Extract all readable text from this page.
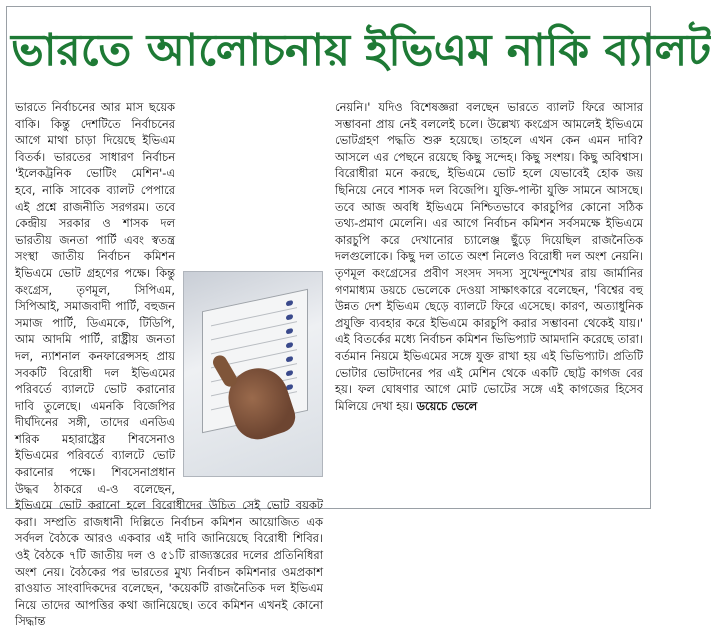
ভারতে আলোচনায় ইভিএম নাকি ব্যালট

ভারতে নির্বাচনের আর মাস ছয়েক বাকি। কিন্তু দেশটিতে নির্বাচনের আগে মাথা চাড়া দিয়েছে ইভিএম বিতর্ক। ভারতের সাধারণ নির্বাচন 'ইলেকট্রনিক ভোটিং মেশিন'-এ হবে, নাকি সাবেক ব্যালট পেপারে এই প্রশ্নে রাজনীতি সরগরম। তবে কেন্দ্রীয় সরকার ও শাসক দল ভারতীয় জনতা পার্টি এবং স্বতন্ত্র সংস্থা জাতীয় নির্বাচন কমিশন ইভিএমে ভোট গ্রহণের পক্ষে। কিন্তু কংগ্রেস, তৃণমূল, সিপিএম, সিপিআই, সমাজবাদী পার্টি, বহুজন সমাজ পার্টি, ডিএমকে, টিডিপি, আম আদমি পার্টি, রাষ্ট্রীয় জনতা দল, ন্যাশনাল কনফারেন্সসহ প্রায় সবকটি বিরোধী দল ইভিএমের পরিবর্তে ব্যালটে ভোট করানোর দাবি তুলেছে। এমনকি বিজেপির দীর্ঘদিনের সঙ্গী, তাদের এনডিএ শরিক মহারাষ্ট্রের শিবসেনাও ইভিএমের পরিবর্তে ব্যালটে ভোট করানোর পক্ষে। শিবসেনাপ্রধান উদ্ধব ঠাকরে এ-ও বলেছেন, ইভিএমে ভোট করানো হলে বিরোধীদের উচিত সেই ভোট বয়কট করা। সম্প্রতি রাজধানী দিল্লিতে নির্বাচন কমিশন আয়োজিত এক সর্বদল বৈঠকে আরও একবার এই দাবি জানিয়েছে বিরোধী শিবির। ওই বৈঠকে ৭টি জাতীয় দল ও ৫১টি রাজ্যস্তরের দলের প্রতিনিধিরা অংশ নেয়। বৈঠকের পর ভারতের মুখ্য নির্বাচন কমিশনার ওমপ্রকাশ রাওয়াত সাংবাদিকদের বলেছেন, 'কয়েকটি রাজনৈতিক দল ইভিএম নিয়ে তাদের আপত্তির কথা জানিয়েছে। তবে কমিশন এখনই কোনো সিদ্ধান্ত

নেয়নি।' যদিও বিশেষজ্ঞরা বলছেন ভারতে ব্যালট ফিরে আসার সম্ভাবনা প্রায় নেই বললেই চলে। উল্লেখ্য কংগ্রেস আমলেই ইভিএমে ভোটগ্রহণ পদ্ধতি শুরু হয়েছে। তাহলে এখন কেন এমন দাবি? আসলে এর পেছনে রয়েছে কিছু সন্দেহ। কিছু সংশয়। কিছু অবিশ্বাস। বিরোধীরা মনে করছে, ইভিএমে ভোট হলে যেভাবেই হোক জয় ছিনিয়ে নেবে শাসক দল বিজেপি। যুক্তি-পাল্টা যুক্তি সামনে আসছে। তবে আজ অবধি ইভিএমে নিশ্চিতভাবে কারচুপির কোনো সঠিক তথ্য-প্রমাণ মেলেনি। এর আগে নির্বাচন কমিশন সর্বসমক্ষে ইভিএমে কারচুপি করে দেখানোর চ্যালেঞ্জ ছুঁড়ে দিয়েছিল রাজনৈতিক দলগুলোকে। কিছু দল তাতে অংশ নিলেও বিরোধী দল অংশ নেয়নি। তৃণমূল কংগ্রেসের প্রবীণ সংসদ সদস্য সুখেন্দুশেখর রায় জার্মানির গণমাধ্যম ডয়চে ভেলেকে দেওয়া সাক্ষাৎকারে বলেছেন, 'বিশ্বের বহু উন্নত দেশ ইভিএম ছেড়ে ব্যালটে ফিরে এসেছে। কারণ, অত্যাধুনিক প্রযুক্তি ব্যবহার করে ইভিএমে কারচুপি করার সম্ভাবনা থেকেই যায়।' এই বিতর্কের মধ্যে নির্বাচন কমিশন ভিভিপ্যাট আমদানি করেছে তারা। বর্তমান নিয়মে ইভিএমের সঙ্গে যুক্ত রাখা হয় এই ভিভিপ্যাট। প্রতিটি ভোটার ভোটদানের পর এই মেশিন থেকে একটি ছোট্ট কাগজ বের হয়। ফল ঘোষণার আগে মোট ভোটের সঙ্গে এই কাগজের হিসেব মিলিয়ে দেখা হয়। ডয়েচে ভেলে
